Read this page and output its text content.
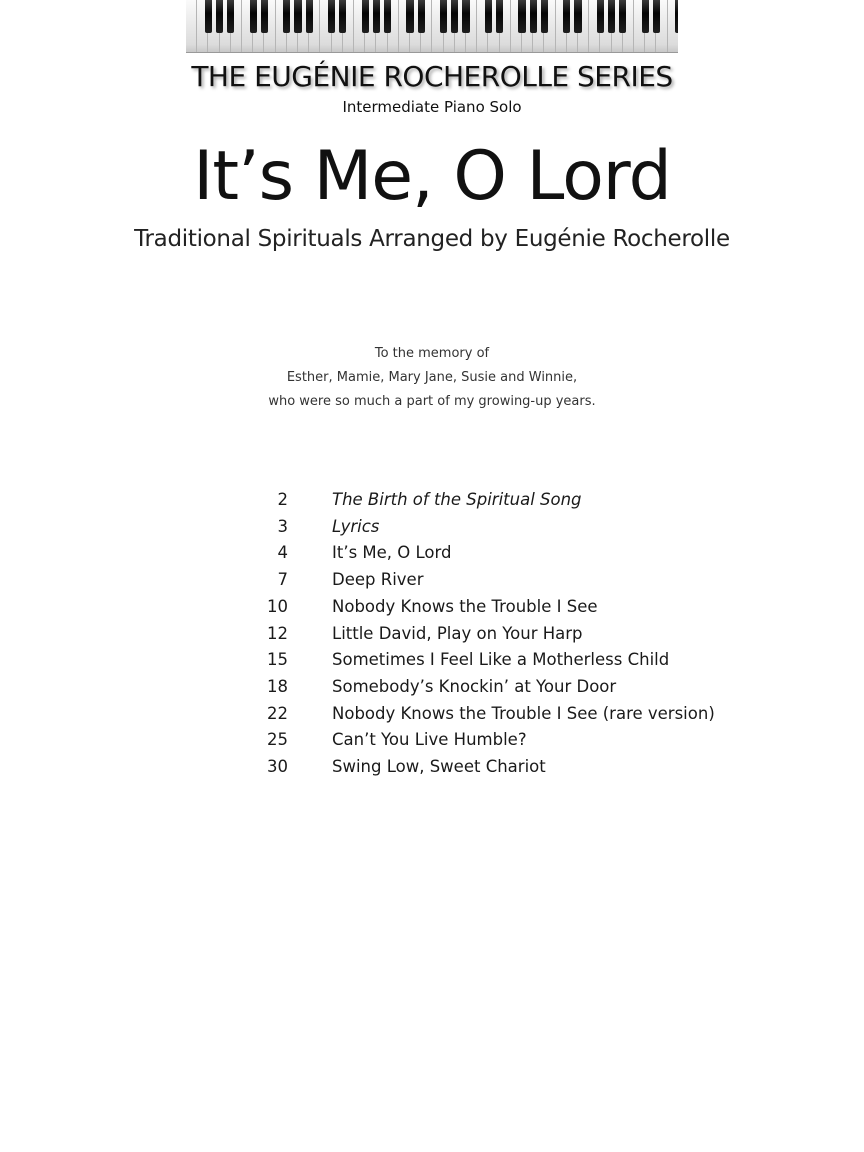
THE EUGÉNIE ROCHEROLLE SERIES
Intermediate Piano Solo
It’s Me, O Lord
Traditional Spirituals Arranged by Eugénie Rocherolle
To the memory of
Esther, Mamie, Mary Jane, Susie and Winnie,
who were so much a part of my growing-up years.
2	The Birth of the Spiritual Song
3	Lyrics
4	It’s Me, O Lord
7	Deep River
10	Nobody Knows the Trouble I See
12	Little David, Play on Your Harp
15	Sometimes I Feel Like a Motherless Child
18	Somebody’s Knockin’ at Your Door
22	Nobody Knows the Trouble I See (rare version)
25	Can’t You Live Humble?
30	Swing Low, Sweet Chariot
